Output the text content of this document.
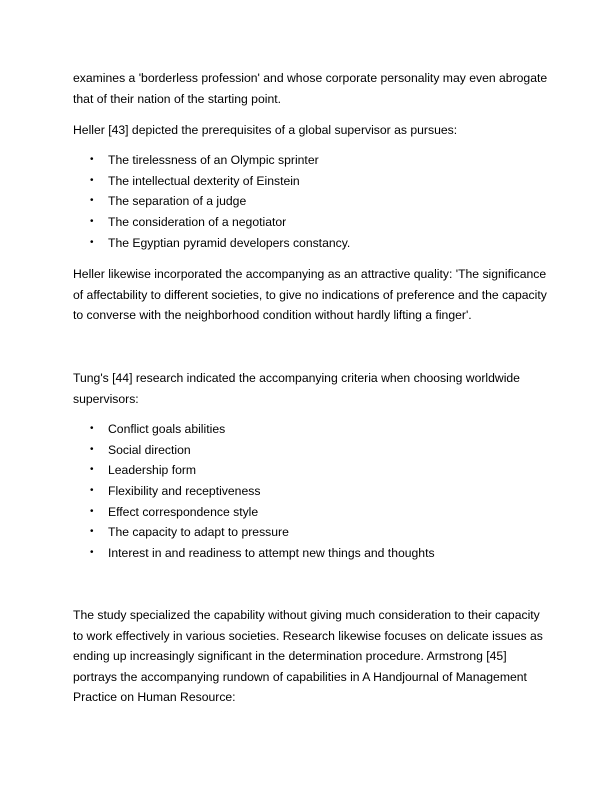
examines a 'borderless profession' and whose corporate personality may even abrogate that of their nation of the starting point.

Heller [43] depicted the prerequisites of a global supervisor as pursues:

• The tirelessness of an Olympic sprinter
• The intellectual dexterity of Einstein
• The separation of a judge
• The consideration of a negotiator
• The Egyptian pyramid developers constancy.

Heller likewise incorporated the accompanying as an attractive quality: 'The significance of affectability to different societies, to give no indications of preference and the capacity to converse with the neighborhood condition without hardly lifting a finger'.

Tung's [44] research indicated the accompanying criteria when choosing worldwide supervisors:

• Conflict goals abilities
• Social direction
• Leadership form
• Flexibility and receptiveness
• Effect correspondence style
• The capacity to adapt to pressure
• Interest in and readiness to attempt new things and thoughts

The study specialized the capability without giving much consideration to their capacity to work effectively in various societies. Research likewise focuses on delicate issues as ending up increasingly significant in the determination procedure. Armstrong [45] portrays the accompanying rundown of capabilities in A Handjournal of Management Practice on Human Resource:
